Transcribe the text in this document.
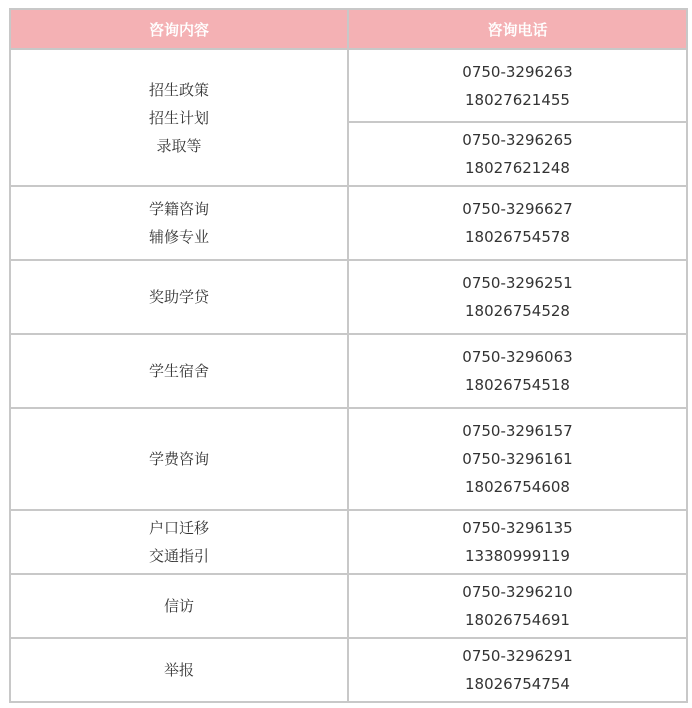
咨询内容	咨询电话

招生政策
招生计划
录取等	0750-3296263
18027621455

	0750-3296265
18027621248

学籍咨询
辅修专业	0750-3296627
18026754578

奖助学贷	0750-3296251
18026754528

学生宿舍	0750-3296063
18026754518

学费咨询	0750-3296157
0750-3296161
18026754608

户口迁移
交通指引	0750-3296135
13380999119

信访	0750-3296210
18026754691

举报	0750-3296291
18026754754
